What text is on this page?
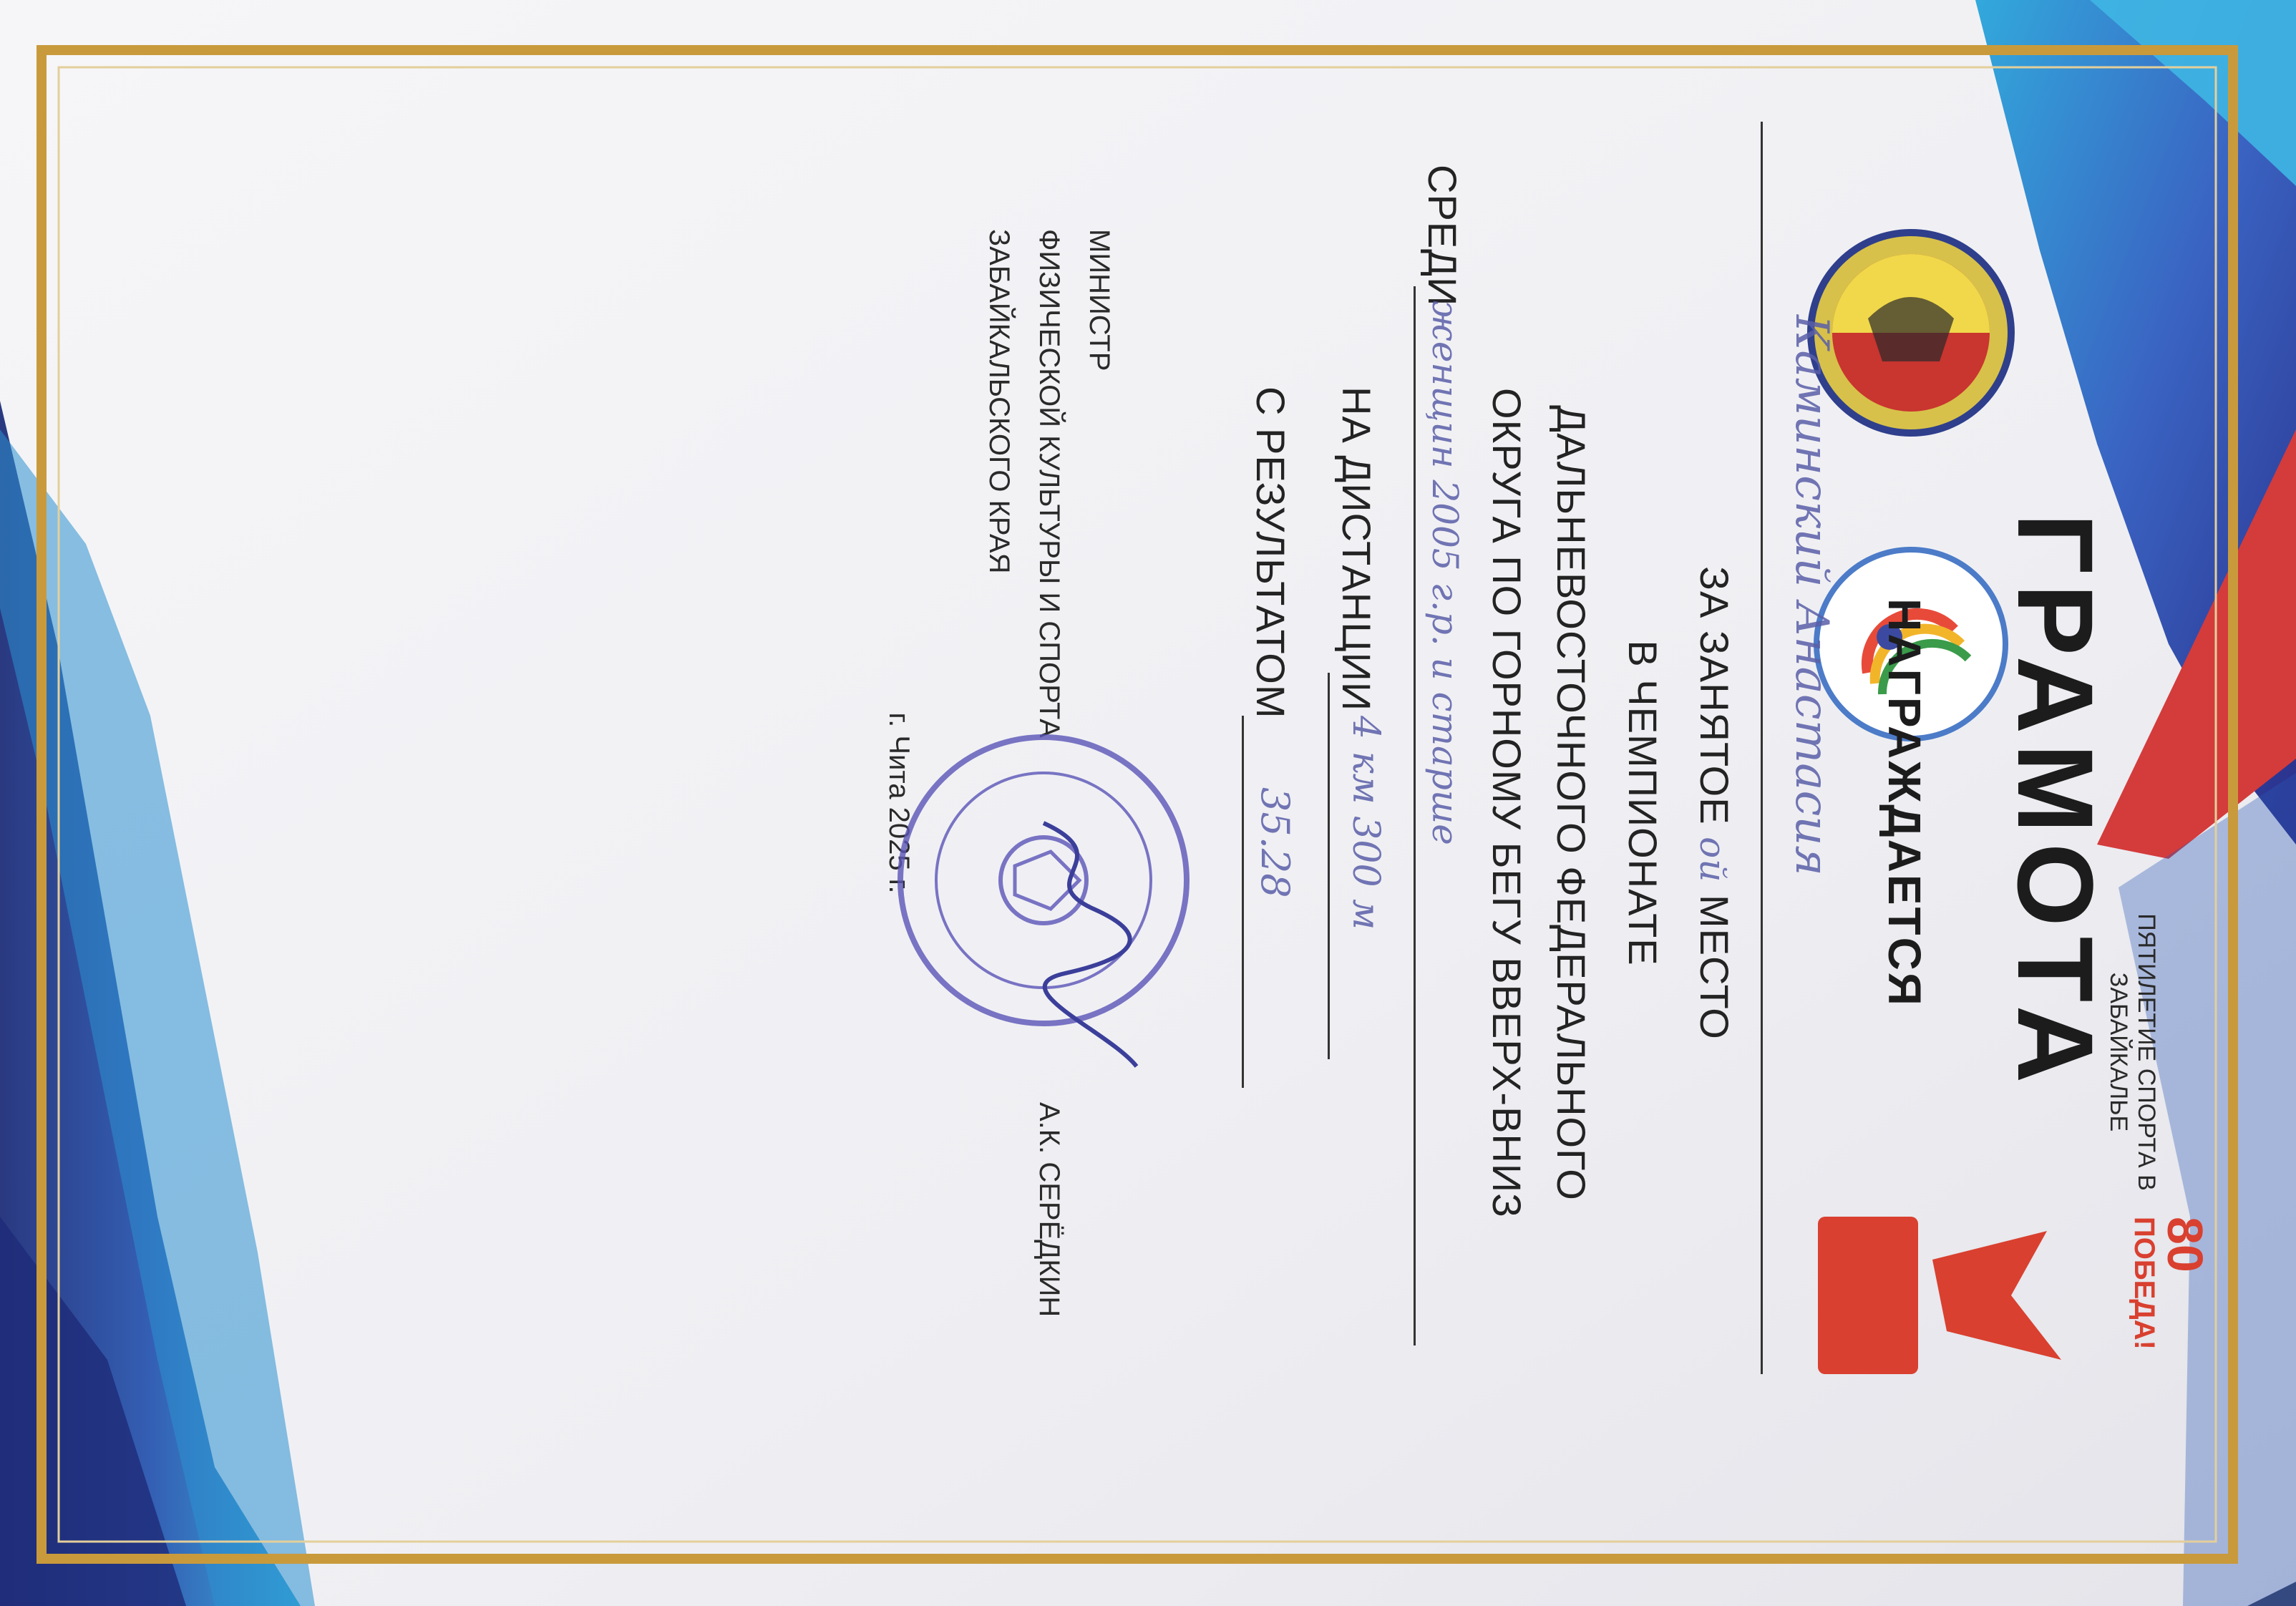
ГРАМОТА ПЯТИЛЕТИЕ СПОРТА В ЗАБАЙКАЛЬЕ
80
ПОБЕДА!
НАГРАЖДАЕТСЯ
Каминский Анастасия
ЗА ЗАНЯТОЕ ой МЕСТО
В ЧЕМПИОНАТЕ
ДАЛЬНЕВОСТОЧНОГО ФЕДЕРАЛЬНОГО
ОКРУГА ПО ГОРНОМУ БЕГУ ВВЕРХ-ВНИЗ
СРЕДИ
женщин 2005 г.р. и старше
НА ДИСТАНЦИИ
4 км 300 м
С РЕЗУЛЬТАТОМ
35.28
МИНИСТР
ФИЗИЧЕСКОЙ КУЛЬТУРЫ И СПОРТА
ЗАБАЙКАЛЬСКОГО КРАЯ
А.К. СЕРЁДКИН
г. Чита 2025 г.
